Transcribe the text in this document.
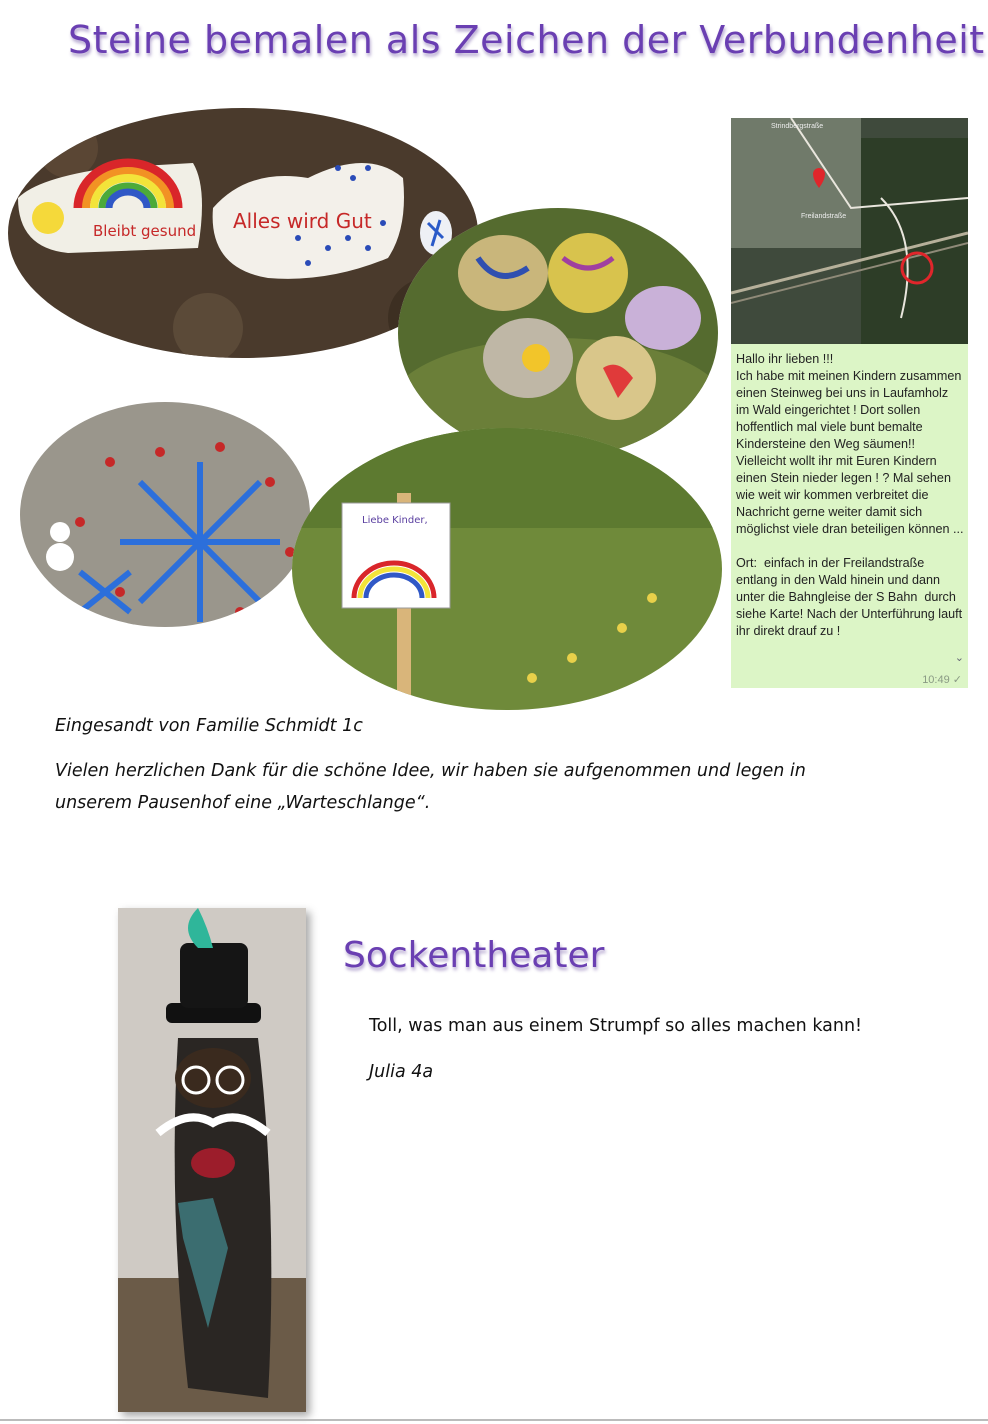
Steine bemalen als Zeichen der Verbundenheit
Bleibt gesund Alles wird Gut
Liebe Kinder,
Strindbergstraße
Freilandstraße
Hallo ihr lieben !!!
Ich habe mit meinen Kindern zusammen einen Steinweg bei uns in Laufamholz im Wald eingerichtet ! Dort sollen hoffentlich mal viele bunt bemalte Kindersteine den Weg säumen!! Vielleicht wollt ihr mit Euren Kindern einen Stein nieder legen ! ? Mal sehen wie weit wir kommen verbreitet die Nachricht gerne weiter damit sich möglichst viele dran beteiligen können ...

Ort:  einfach in der Freilandstraße entlang in den Wald hinein und dann unter die Bahngleise der S Bahn  durch siehe Karte! Nach der Unterführung lauft ihr direkt drauf zu !
⌄
10:49 ✓
Eingesandt von Familie Schmidt 1c
Vielen herzlichen Dank für die schöne Idee, wir haben sie aufgenommen und legen in
unserem Pausenhof eine „Warteschlange“.
Sockentheater
Toll, was man aus einem Strumpf so alles machen kann!
Julia 4a
